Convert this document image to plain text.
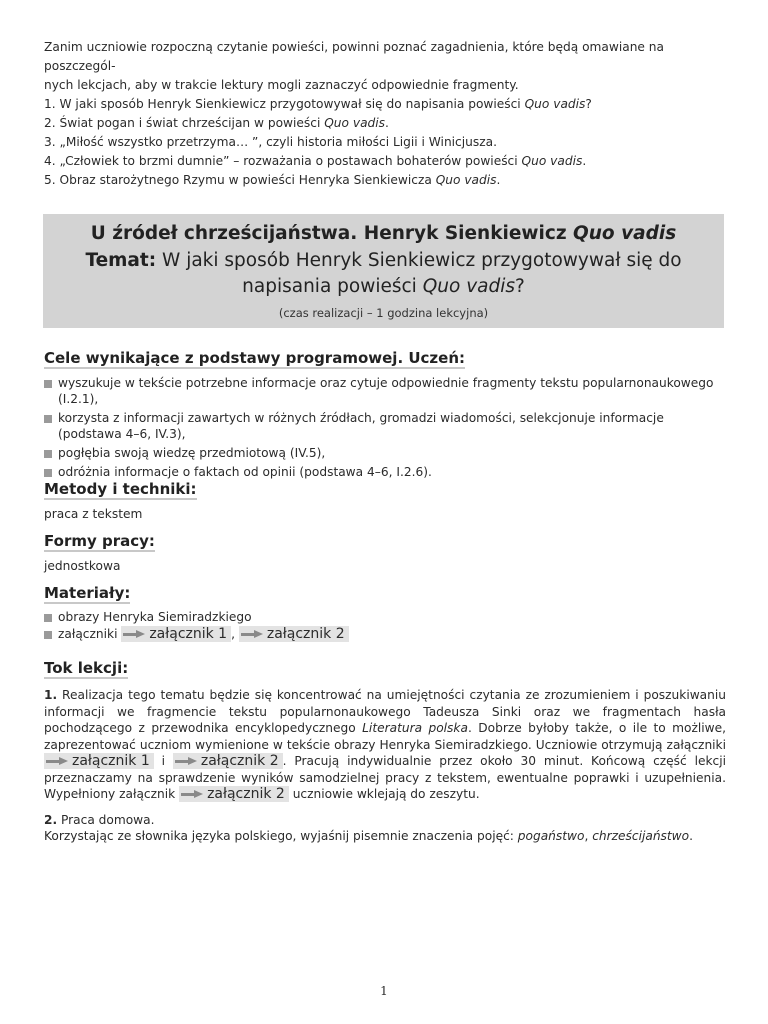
Zanim uczniowie rozpoczną czytanie powieści, powinni poznać zagadnienia, które będą omawiane na poszczegól-

nych lekcjach, aby w trakcie lektury mogli zaznaczyć odpowiednie fragmenty.

1. W jaki sposób Henryk Sienkiewicz przygotowywał się do napisania powieści Quo vadis?

2. Świat pogan i świat chrześcijan w powieści Quo vadis.

3. „Miłość wszystko przetrzyma… ”, czyli historia miłości Ligii i Winicjusza.

4. „Człowiek to brzmi dumnie” – rozważania o postawach bohaterów powieści Quo vadis.

5. Obraz starożytnego Rzymu w powieści Henryka Sienkiewicza Quo vadis.

U źródeł chrześcijaństwa. Henryk Sienkiewicz Quo vadis
Temat: W jaki sposób Henryk Sienkiewicz przygotowywał się do
napisania powieści Quo vadis?
(czas realizacji – 1 godzina lekcyjna)
Cele wynikające z podstawy programowej. Uczeń:
wyszukuje w tekście potrzebne informacje oraz cytuje odpowiednie fragmenty tekstu popularnonaukowego (I.2.1),
korzysta z informacji zawartych w różnych źródłach, gromadzi wiadomości, selekcjonuje informacje (podstawa 4–6, IV.3),
pogłębia swoją wiedzę przedmiotową (IV.5),
odróżnia informacje o faktach od opinii (podstawa 4–6, I.2.6).
Metody i techniki:
praca z tekstem
Formy pracy:
jednostkowa
Materiały:
obrazy Henryka Siemiradzkiego
załączniki załącznik 1 , załącznik 2
Tok lekcji:
1. Realizacja tego tematu będzie się koncentrować na umiejętności czytania ze zrozumieniem i poszukiwaniu informacji we fragmencie tekstu popularnonaukowego Tadeusza Sinki oraz we fragmentach hasła pochodzącego z przewodnika encyklopedycznego Literatura polska. Dobrze byłoby także, o ile to możliwe, zaprezentować uczniom wymienione w tekście obrazy Henryka Siemiradzkiego. Uczniowie otrzymują załączniki
załącznik 1 i
załącznik 2 . Pracują indywidualnie przez około 30 minut. Końcową część lekcji przeznaczamy na sprawdzenie wyników samodzielnej pracy z tekstem, ewentualne poprawki i uzupełnienia. Wypełniony załącznik
załącznik 2 uczniowie wklejają do zeszytu.
2. Praca domowa.
Korzystając ze słownika języka polskiego, wyjaśnij pisemnie znaczenia pojęć: pogaństwo, chrześcijaństwo.
1
